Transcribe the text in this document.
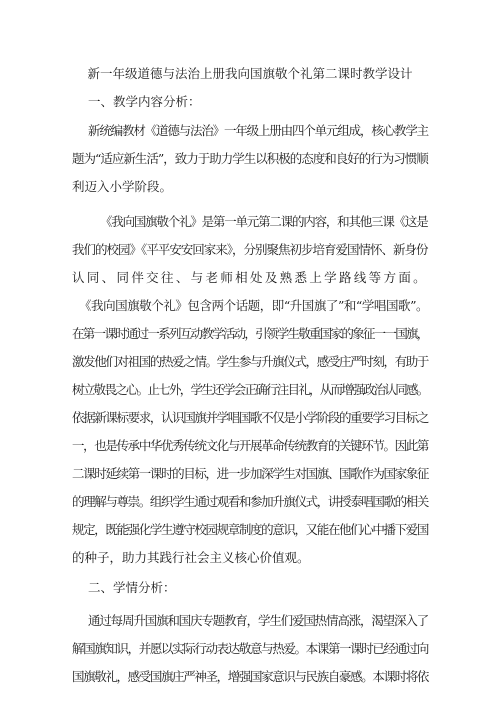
新一年级道德与法治上册我向国旗敬个礼第二课时教学设计
一、教学内容分析：
新统编教材《道德与法治》一年级上册由四个单元组成，核心教学主
题为“适应新生活”，致力于助力学生以积极的态度和良好的行为习惯顺
利迈入小学阶段。
《我向国旗敬个礼》是第一单元第二课的内容，和其他三课《这是
我们的校园》《平平安安回家来》，分别聚焦初步培育爱国情怀、新身份
认同、同伴交往、与老师相处及熟悉上学路线等方面。
《我向国旗敬个礼》包含两个话题，即“升国旗了”和“学唱国歌”。
在第一课时通过一系列互动教学活动，引领学生敬重国家的象征一一国旗，
激发他们对祖国的热爱之情。学生参与升旗仪式，感受庄严时刻，有助于
树立敬畏之心。止七外，学生还学会正确行注目礼，从而增强政治认同感。
依据新课标要求，认识国旗并学唱国歌不仅是小学阶段的重要学习目标之
一，也是传承中华优秀传统文化与开展革命传统教育的关键环节。因此第
二课时延续第一课时的目标，进一步加深学生对国旗、国歌作为国家象征
的理解与尊崇。组织学生通过观看和参加升旗仪式，讲授泰唱国歌的相关
规定，既能强化学生遵守校园规章制度的意识，又能在他们心中播下爱国
的种子，助力其践行社会主义核心价值观。
二、学情分析：
通过每周升国旗和国庆专题教育，学生们爱国热情高涨，渴望深入了
解国旗知识，并愿以实际行动表达敬意与热爱。本课第一课时已经通过向
国旗敬礼，感受国旗庄严神圣，增强国家意识与民族自豪感。本课时将依
